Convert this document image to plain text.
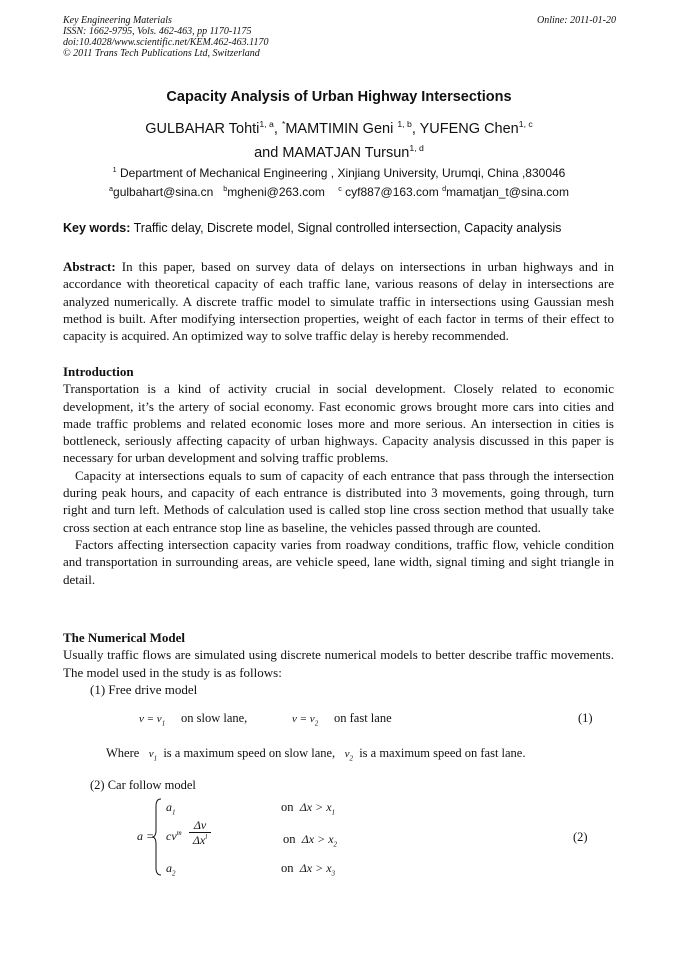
Key Engineering Materials
ISSN: 1662-9795, Vols. 462-463, pp 1170-1175
doi:10.4028/www.scientific.net/KEM.462-463.1170
© 2011 Trans Tech Publications Ltd, Switzerland
Online: 2011-01-20
Capacity Analysis of Urban Highway Intersections
GULBAHAR Tohti$^{1, a}$, *MAMTIMIN Geni $^{1, b}$, YUFENG Chen$^{1, c}$
and MAMATJAN Tursun$^{1, d}$
$^1$ Department of Mechanical Engineering , Xinjiang University, Urumqi, China ,830046
$^a$gulbahart@sina.cn $^b$mgheni@263.com $^c$ cyf887@163.com $^d$mamatjan_t@sina.com
Key words: Traffic delay, Discrete model, Signal controlled intersection, Capacity analysis
Abstract: In this paper, based on survey data of delays on intersections in urban highways and in accordance with theoretical capacity of each traffic lane, various reasons of delay in intersections are analyzed numerically. A discrete traffic model to simulate traffic in intersections using Gaussian mesh method is built. After modifying intersection properties, weight of each factor in terms of their effect to capacity is acquired. An optimized way to solve traffic delay is hereby recommended.
Introduction
Transportation is a kind of activity crucial in social development. Closely related to economic development, it’s the artery of social economy. Fast economic grows brought more cars into cities and made traffic problems and related economic loses more and more serious. An intersection in cities is bottleneck, seriously affecting capacity of urban highways. Capacity analysis discussed in this paper is necessary for urban development and solving traffic problems.
Capacity at intersections equals to sum of capacity of each entrance that pass through the intersection during peak hours, and capacity of each entrance is distributed into 3 movements, going through, turn right and turn left. Methods of calculation used is called stop line cross section method that usually take cross section at each entrance stop line as baseline, the vehicles passed through are counted.
Factors affecting intersection capacity varies from roadway conditions, traffic flow, vehicle condition and transportation in surrounding areas, are vehicle speed, lane width, signal timing and sight triangle in detail.
The Numerical Model
Usually traffic flows are simulated using discrete numerical models to better describe traffic movements. The model used in the study is as follows:
(1) Free drive model
$v = v_1$ on slow lane,	$v = v_2$ on fast lane	(1)
Where $v_1$ is a maximum speed on slow lane, $v_2$ is a maximum speed on fast lane.
(2) Car follow model
a =
$a_1$
$cv^m$
Δv
$\Delta x^l$
$a_2$
on $\Delta x > x_1$
on $\Delta x > x_2$
on $\Delta x > x_3$
(2)
